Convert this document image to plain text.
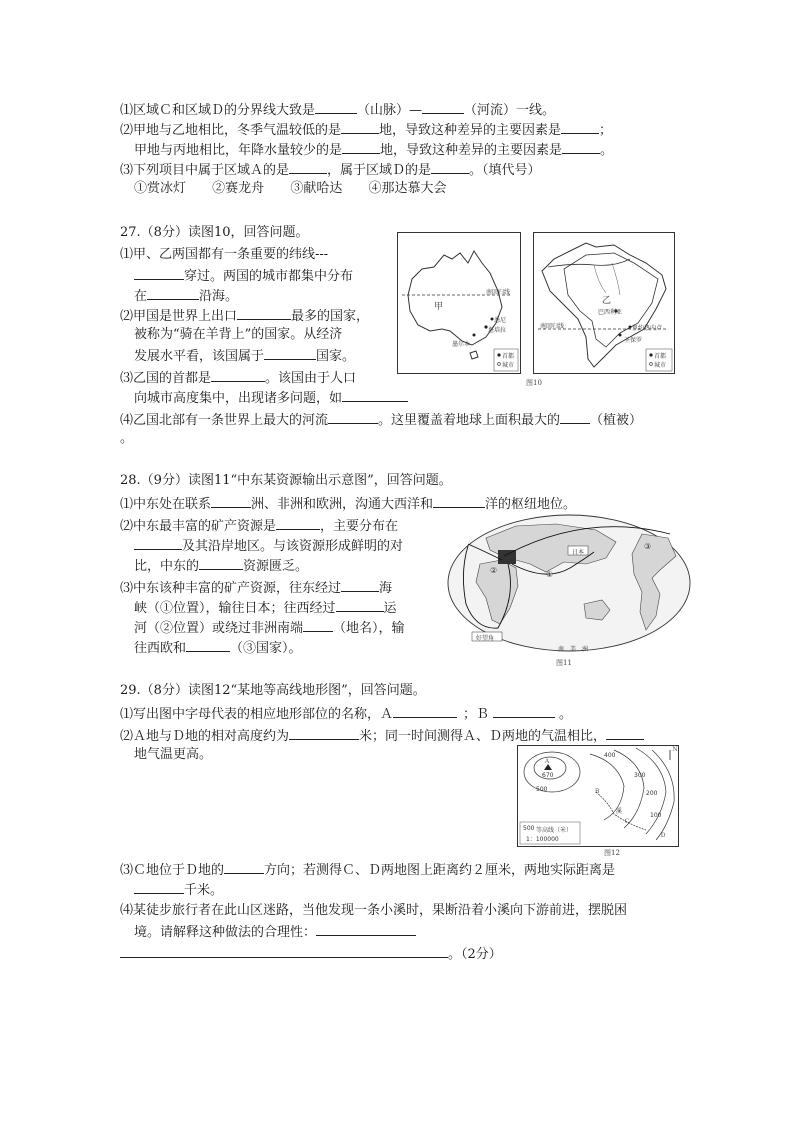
⑴区域Ｃ和区域Ｄ的分界线大致是	（山脉）—	（河流）一线。
⑵甲地与乙地相比，冬季气温较低的是	地，导致这种差异的主要因素是	；
甲地与丙地相比，年降水量较少的是	地，导致这种差异的主要因素是	。
⑶下列项目中属于区域Ａ的是	，属于区域Ｄ的是	。（填代号）
①赏冰灯 ②赛龙舟 ③献哈达 ④那达慕大会
27.（8分）读图10，回答问题。
⑴甲、乙两国都有一条重要的纬线---
穿过。两国的城市都集中分布
在	沿海。
⑵甲国是世界上出口	最多的国家，
被称为“骑在羊背上”的国家。从经济
发展水平看，该国属于	国家。
⑶乙国的首都是	。该国由于人口
向城市高度集中，出现诸多问题，如
⑷乙国北部有一条世界上最大的河流	。这里覆盖着地球上面积最大的 （植被）
。
甲
南回归线
悉尼
堪培拉
墨尔本
首都
城市
乙
巴西利亚
南回归线	里约热内卢
圣保罗
首都
城市
图10
28.（9分）读图11“中东某资源输出示意图”，回答问题。
⑴中东处在联系	洲、非洲和欧洲，沟通大西洋和	洋的枢纽地位。
⑵中东最丰富的矿产资源是	，主要分布在
及其沿岸地区。与该资源形成鲜明的对
比，中东的	资源匮乏。
⑶中东该种丰富的矿产资源，往东经过	海
峡（①位置），输往日本；往西经过	运
河（②位置）或绕过非洲南端 （地名），输
往西欧和	（③国家）。
日本
好望角
①
②
③
南　美　洲
图11
29.（8分）读图12“某地等高线地形图”，回答问题。
⑴写出图中字母代表的相应地形部位的名称，Ａ	；Ｂ	。
⑵Ａ地与Ｄ地的相对高度约为	米；同一时间测得Ａ、Ｄ两地的气温相比，
地气温更高。	Ａ
670
500
400
300
200
100
Ｂ
溪
Ｃ
Ｄ
Ｎ
500 等高线（米）
1：100000
图12
⑶Ｃ地位于Ｄ地的	方向；若测得Ｃ、Ｄ两地图上距离约２厘米，两地实际距离是
千米。
⑷某徒步旅行者在此山区迷路，当他发现一条小溪时，果断沿着小溪向下游前进，摆脱困
境。请解释这种做法的合理性：
。（2分）
